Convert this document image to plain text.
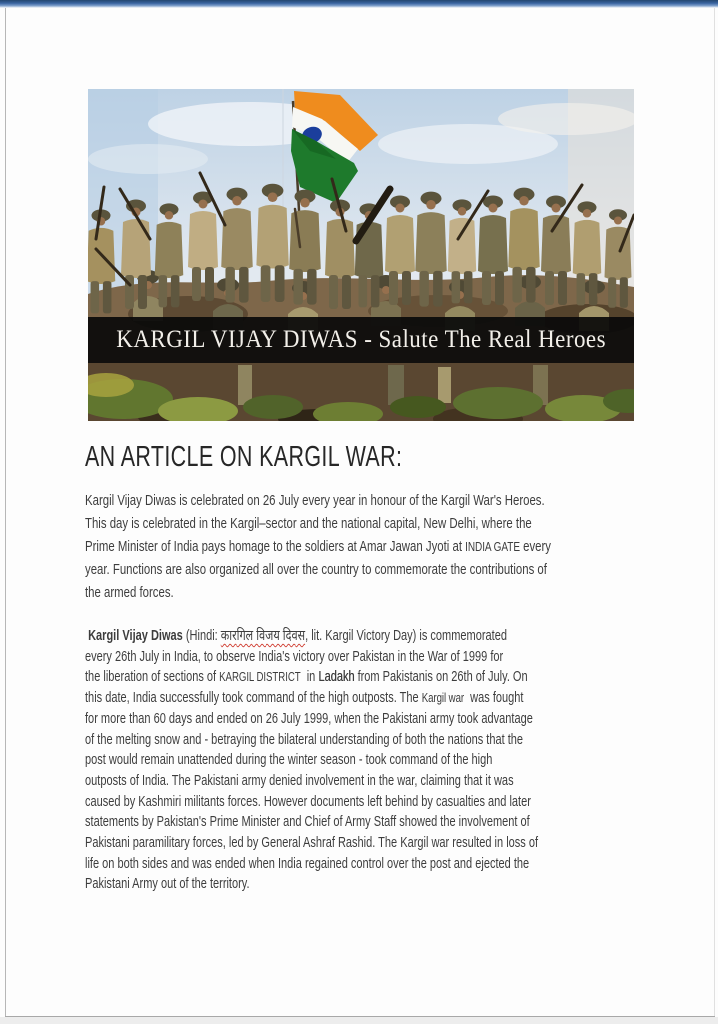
KARGIL VIJAY DIWAS - Salute The Real Heroes
AN ARTICLE ON KARGIL WAR:
Kargil Vijay Diwas is celebrated on 26 July every year in honour of the Kargil War's Heroes.
This day is celebrated in the Kargil–sector and the national capital, New Delhi, where the
Prime Minister of India pays homage to the soldiers at Amar Jawan Jyoti at INDIA GATE every
year. Functions are also organized all over the country to commemorate the contributions of
the armed forces.
Kargil Vijay Diwas (Hindi: कारगिल विजय दिवस, lit. Kargil Victory Day) is commemorated
every 26th July in India, to observe India's victory over Pakistan in the War of 1999 for
the liberation of sections of KARGIL DISTRICT  in Ladakh from Pakistanis on 26th of July. On
this date, India successfully took command of the high outposts. The Kargil war  was fought
for more than 60 days and ended on 26 July 1999, when the Pakistani army took advantage
of the melting snow and - betraying the bilateral understanding of both the nations that the
post would remain unattended during the winter season - took command of the high
outposts of India. The Pakistani army denied involvement in the war, claiming that it was
caused by Kashmiri militants forces. However documents left behind by casualties and later
statements by Pakistan's Prime Minister and Chief of Army Staff showed the involvement of
Pakistani paramilitary forces, led by General Ashraf Rashid. The Kargil war resulted in loss of
life on both sides and was ended when India regained control over the post and ejected the
Pakistani Army out of the territory.
